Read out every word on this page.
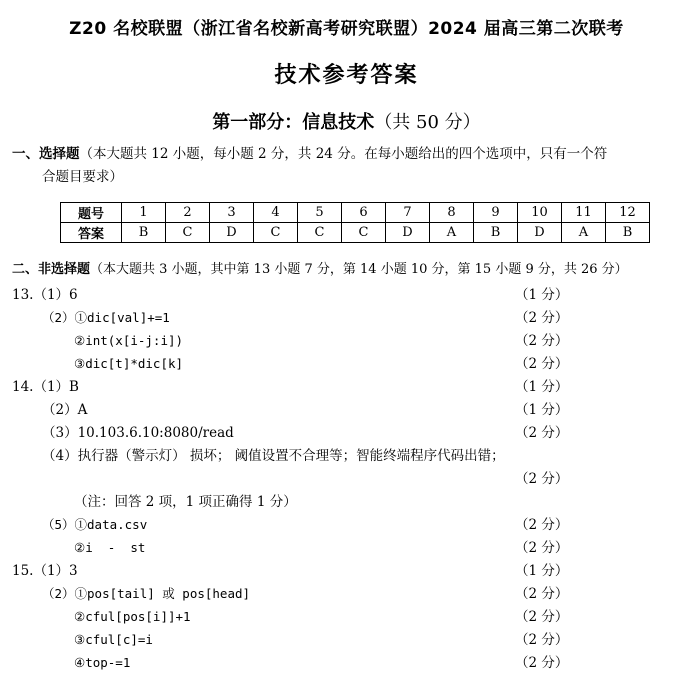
Z20 名校联盟（浙江省名校新高考研究联盟）2024 届高三第二次联考
技术参考答案
第一部分：信息技术（共 50 分）
一、选择题（本大题共 12 小题，每小题 2 分，共 24 分。在每小题给出的四个选项中，只有一个符
合题目要求）
题号	1	2	3	4	5	6	7	8	9	10	11	12
答案	B	C	D	C	C	C	D	A	B	D	A	B
二、非选择题（本大题共 3 小题，其中第 13 小题 7 分，第 14 小题 10 分，第 15 小题 9 分，共 26 分）
13.（1）6	（1 分）
（2）①dic[val]+=1	（2 分）
②int(x[i-j:i])	（2 分）
③dic[t]*dic[k]	（2 分）
14.（1）B	（1 分）
（2）A	（1 分）
（3）10.103.6.10:8080/read	（2 分）
（4）执行器（警示灯） 损坏； 阈值设置不合理等；智能终端程序代码出错；
（2 分）
（注：回答 2 项，1 项正确得 1 分）
（5）①data.csv	（2 分）
②i  -  st	（2 分）
15.（1）3	（1 分）
（2）①pos[tail] 或 pos[head]	（2 分）
②cful[pos[i]]+1	（2 分）
③cful[c]=i	（2 分）
④top-=1	（2 分）
